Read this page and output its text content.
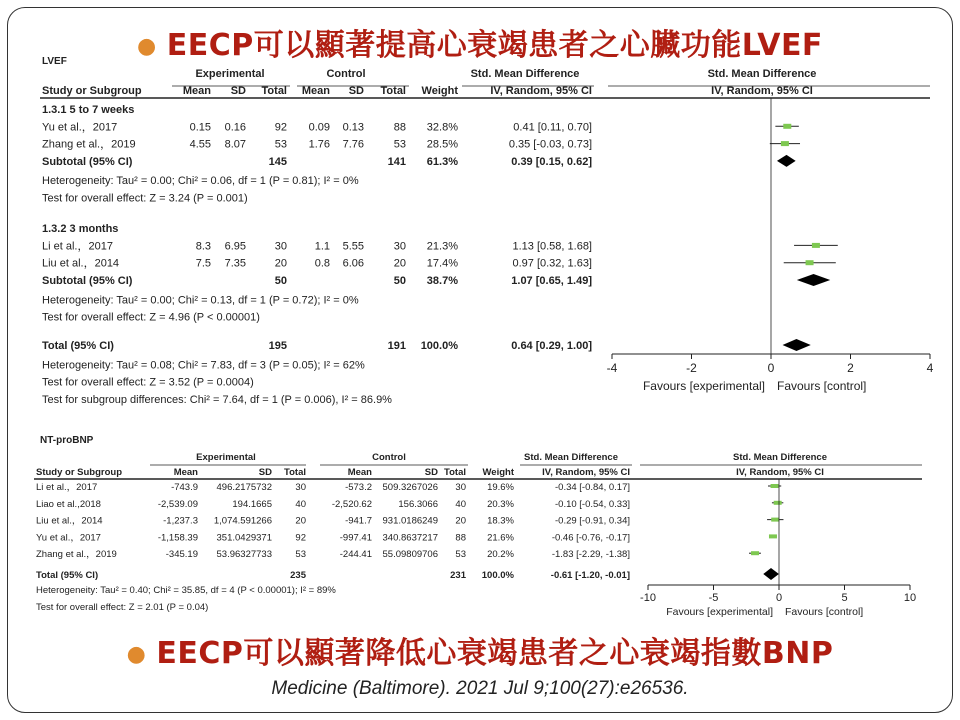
● EECP可以顯著提高心衰竭患者之心臟功能LVEF
LVEF
Experimental	Control	Std. Mean Difference	Std. Mean Difference
Study or Subgroup	Mean SD Total Mean SD Total Weight	IV, Random, 95% CI	IV, Random, 95% CI
1.3.1 5 to 7 weeks
Yu et al.，2017	0.15 0.16	92 0.09 0.13	88 32.8%	0.41 [0.11, 0.70]
Zhang et al.，2019	4.55 8.07	53 1.76 7.76	53 28.5%	0.35 [-0.03, 0.73]
Subtotal (95% CI)	145	141 61.3%	0.39 [0.15, 0.62]
Heterogeneity: Tau² = 0.00; Chi² = 0.06, df = 1 (P = 0.81); I² = 0%
Test for overall effect: Z = 3.24 (P = 0.001)
1.3.2 3 months
Li et al.，2017	8.3 6.95	30	1.1 5.55	30 21.3%	1.13 [0.58, 1.68]
Liu et al.，2014	7.5 7.35	20	0.8 6.06	20 17.4%	0.97 [0.32, 1.63]
Subtotal (95% CI)	50	50 38.7%	1.07 [0.65, 1.49]
Heterogeneity: Tau² = 0.00; Chi² = 0.13, df = 1 (P = 0.72); I² = 0%
Test for overall effect: Z = 4.96 (P < 0.00001)
Total (95% CI)	195	191 100.0%	0.64 [0.29, 1.00]
Heterogeneity: Tau² = 0.08; Chi² = 7.83, df = 3 (P = 0.05); I² = 62%
Test for overall effect: Z = 3.52 (P = 0.0004)
Test for subgroup differences: Chi² = 7.64, df = 1 (P = 0.006), I² = 86.9%
-4	-2	0	2	4
Favours [experimental] Favours [control]
NT-proBNP
Experimental	Control	Std. Mean Difference	Std. Mean Difference
Study or Subgroup	Mean	SD Total	Mean	SD Total Weight	IV, Random, 95% CI	IV, Random, 95% CI
Li et al.，2017	-743.9 496.2175732 30	-573.2 509.3267026 30 19.6%	-0.34 [-0.84, 0.17]
Liao et al.,2018	-2,539.09	194.1665 40	-2,520.62	156.3066 40 20.3%	-0.10 [-0.54, 0.33]
Liu et al.，2014	-1,237.3 1,074.591266 20	-941.7 931.0186249 20 18.3%	-0.29 [-0.91, 0.34]
Yu et al.，2017	-1,158.39 351.0429371 92	-997.41 340.8637217 88 21.6%	-0.46 [-0.76, -0.17]
Zhang et al.，2019	-345.19 53.96327733 53	-244.41 55.09809706 53 20.2%	-1.83 [-2.29, -1.38]
Total (95% CI)	235	231 100.0%	-0.61 [-1.20, -0.01]
Heterogeneity: Tau² = 0.40; Chi² = 35.85, df = 4 (P < 0.00001); I² = 89%
Test for overall effect: Z = 2.01 (P = 0.04)
-10	-5	0	5	10
Favours [experimental] Favours [control]
● EECP可以顯著降低心衰竭患者之心衰竭指數BNP
Medicine (Baltimore). 2021 Jul 9;100(27):e26536.
